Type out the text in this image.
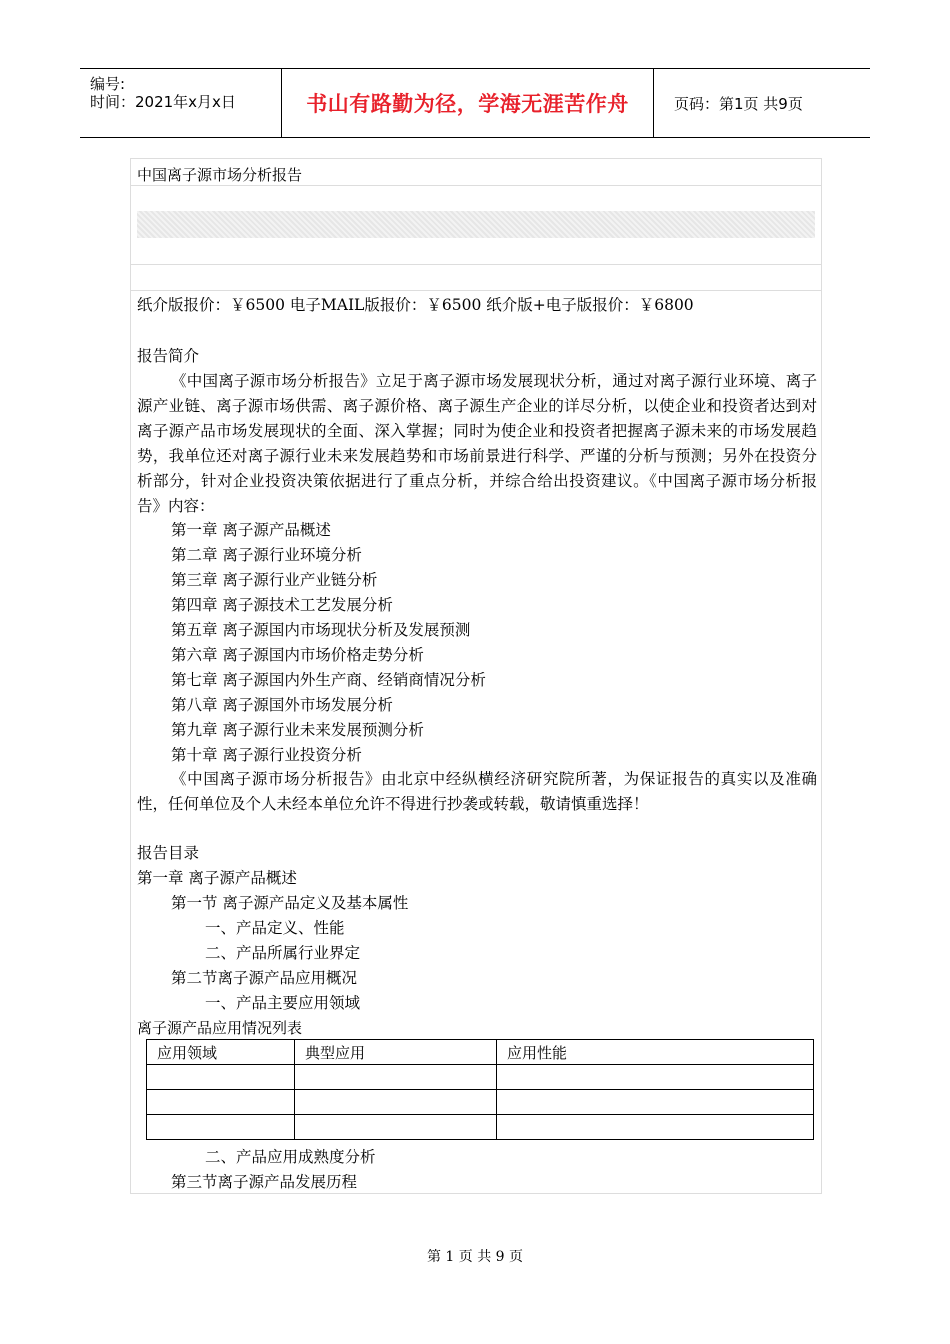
编号:
时间：2021年x月x日	书山有路勤为径，学海无涯苦作舟	页码：第1页 共9页
中国离子源市场分析报告
纸介版报价：￥6500 电子MAIL版报价：￥6500 纸介版+电子版报价：￥6800
报告简介
《中国离子源市场分析报告》立足于离子源市场发展现状分析，通过对离子源行业环境、离子源产业链、离子源市场供需、离子源价格、离子源生产企业的详尽分析，以使企业和投资者达到对离子源产品市场发展现状的全面、深入掌握；同时为使企业和投资者把握离子源未来的市场发展趋势，我单位还对离子源行业未来发展趋势和市场前景进行科学、严谨的分析与预测；另外在投资分析部分，针对企业投资决策依据进行了重点分析，并综合给出投资建议。《中国离子源市场分析报告》内容：
第一章 离子源产品概述
第二章 离子源行业环境分析
第三章 离子源行业产业链分析
第四章 离子源技术工艺发展分析
第五章 离子源国内市场现状分析及发展预测
第六章 离子源国内市场价格走势分析
第七章 离子源国内外生产商、经销商情况分析
第八章 离子源国外市场发展分析
第九章 离子源行业未来发展预测分析
第十章 离子源行业投资分析
《中国离子源市场分析报告》由北京中经纵横经济研究院所著，为保证报告的真实以及准确性，任何单位及个人未经本单位允许不得进行抄袭或转载，敬请慎重选择！
报告目录
第一章 离子源产品概述
第一节 离子源产品定义及基本属性
一、产品定义、性能
二、产品所属行业界定
第二节离子源产品应用概况
一、产品主要应用领域
离子源产品应用情况列表
应用领域	典型应用	应用性能

二、产品应用成熟度分析
第三节离子源产品发展历程
第 1 页 共 9 页
